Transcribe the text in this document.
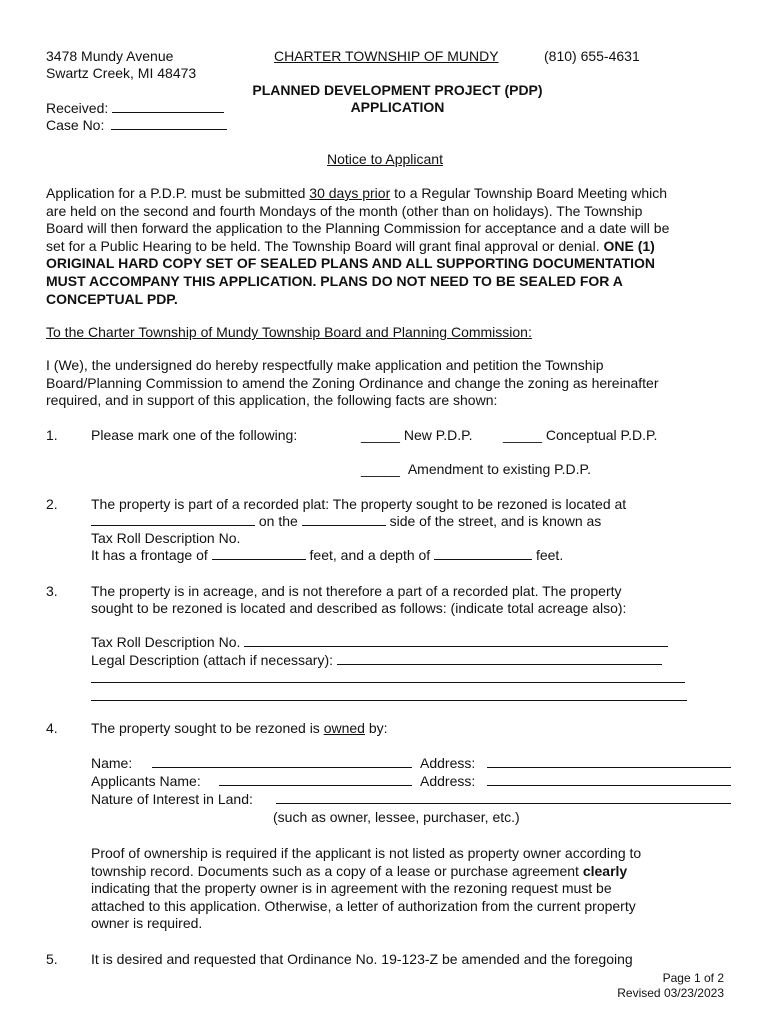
3478 Mundy Avenue
Swartz Creek, MI 48473
CHARTER TOWNSHIP OF MUNDY	(810) 655-4631
PLANNED DEVELOPMENT PROJECT (PDP)
APPLICATION
Received:
Case No:
Notice to Applicant
Application for a P.D.P. must be submitted 30 days prior to a Regular Township Board Meeting which
are held on the second and fourth Mondays of the month (other than on holidays). The Township
Board will then forward the application to the Planning Commission for acceptance and a date will be
set for a Public Hearing to be held. The Township Board will grant final approval or denial. ONE (1)
ORIGINAL HARD COPY SET OF SEALED PLANS AND ALL SUPPORTING DOCUMENTATION
MUST ACCOMPANY THIS APPLICATION. PLANS DO NOT NEED TO BE SEALED FOR A
CONCEPTUAL PDP.
To the Charter Township of Mundy Township Board and Planning Commission:
I (We), the undersigned do hereby respectfully make application and petition the Township
Board/Planning Commission to amend the Zoning Ordinance and change the zoning as hereinafter
required, and in support of this application, the following facts are shown:
1. Please mark one of the following:	_____ New P.D.P. _____ Conceptual P.D.P.
_____ Amendment to existing P.D.P.
2. The property is part of a recorded plat: The property sought to be rezoned is located at
on the	side of the street, and is known as
Tax Roll Description No.
It has a frontage of	feet, and a depth of	feet.
3. The property is in acreage, and is not therefore a part of a recorded plat. The property
sought to be rezoned is located and described as follows: (indicate total acreage also):
Tax Roll Description No.
Legal Description (attach if necessary):
4. The property sought to be rezoned is owned by:
Name:	Address:
Applicants Name:	Address:
Nature of Interest in Land:
(such as owner, lessee, purchaser, etc.)
Proof of ownership is required if the applicant is not listed as property owner according to
township record. Documents such as a copy of a lease or purchase agreement clearly
indicating that the property owner is in agreement with the rezoning request must be
attached to this application. Otherwise, a letter of authorization from the current property
owner is required.
5. It is desired and requested that Ordinance No. 19-123-Z be amended and the foregoing
Page 1 of 2
Revised 03/23/2023
